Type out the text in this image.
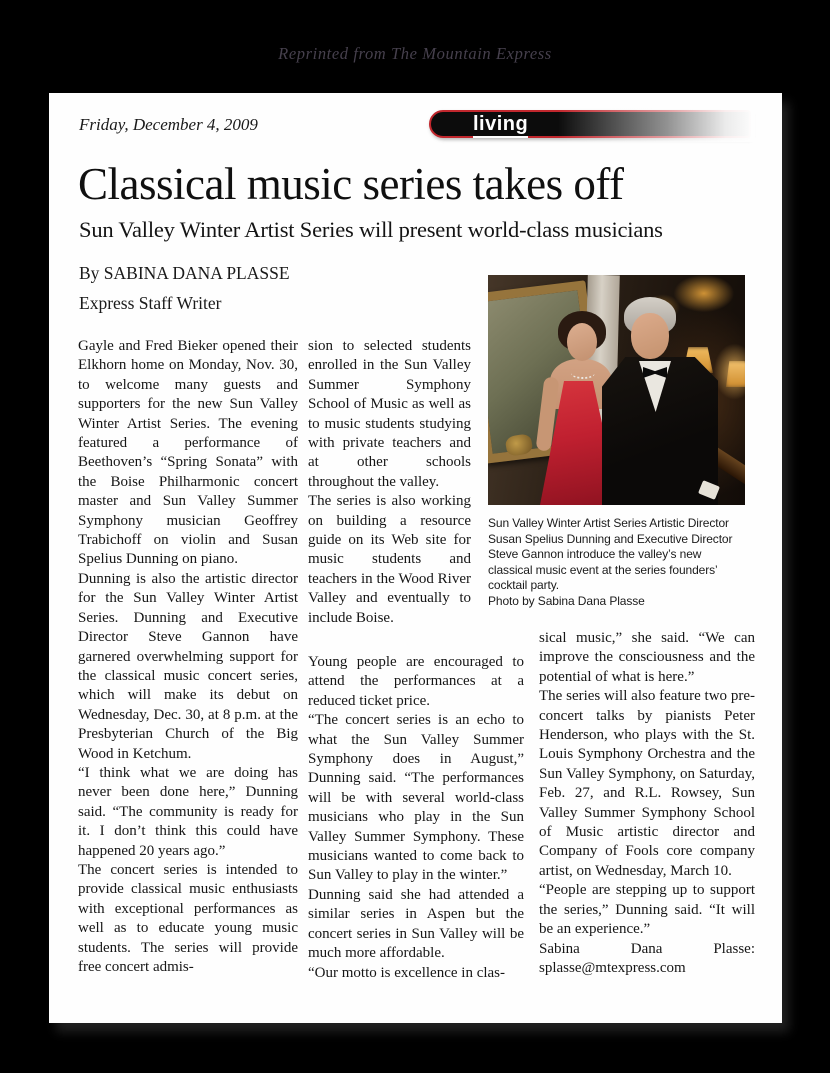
Reprinted from The Mountain Express
Friday, December 4, 2009	living
Classical music series takes off
Sun Valley Winter Artist Series will present world-class musicians
By SABINA DANA PLASSE
Express Staff Writer

Sun Valley Winter Artist Series Artistic Director Susan Spelius Dunning and Executive Director Steve Gannon introduce the valley’s new classical music event at the series founders’ cocktail party.

Photo by Sabina Dana Plasse

Gayle and Fred Bieker opened their Elkhorn home on Monday, Nov. 30, to welcome many guests and supporters for the new Sun Valley Winter Artist Series. The evening featured a performance of Beethoven’s “Spring Sonata” with the Boise Philharmonic concert master and Sun Valley Summer Symphony musician Geoffrey Trabichoff on violin and Susan Spelius Dunning on piano.

Dunning is also the artistic director for the Sun Valley Winter Artist Series. Dunning and Executive Director Steve Gannon have garnered overwhelming support for the classical music concert series, which will make its debut on Wednesday, Dec. 30, at 8 p.m. at the Presbyterian Church of the Big Wood in Ketchum.

“I think what we are doing has never been done here,” Dunning said. “The community is ready for it. I don’t think this could have happened 20 years ago.”

The concert series is intended to provide classical music enthusiasts with exceptional performances as well as to educate young music students. The series will provide free concert admis-

sion to selected students enrolled in the Sun Valley Summer Symphony School of Music as well as to music students studying with private teachers and at other schools throughout the valley.

The series is also working on building a resource guide on its Web site for music students and teachers in the Wood River Valley and eventually to include Boise.

Young people are encouraged to attend the performances at a reduced ticket price.

“The concert series is an echo to what the Sun Valley Summer Symphony does in August,” Dunning said. “The performances will be with several world-class musicians who play in the Sun Valley Summer Symphony. These musicians wanted to come back to Sun Valley to play in the winter.”

Dunning said she had attended a similar series in Aspen but the concert series in Sun Valley will be much more affordable.

“Our motto is excellence in clas-

sical music,” she said. “We can improve the consciousness and the potential of what is here.”

The series will also feature two pre-concert talks by pianists Peter Henderson, who plays with the St. Louis Symphony Orchestra and the Sun Valley Symphony, on Saturday, Feb. 27, and R.L. Rowsey, Sun Valley Summer Symphony School of Music artistic director and Company of Fools core company artist, on Wednesday, March 10.

“People are stepping up to support the series,” Dunning said. “It will be an experience.”

Sabina Dana Plasse: splasse@mtexpress.com
